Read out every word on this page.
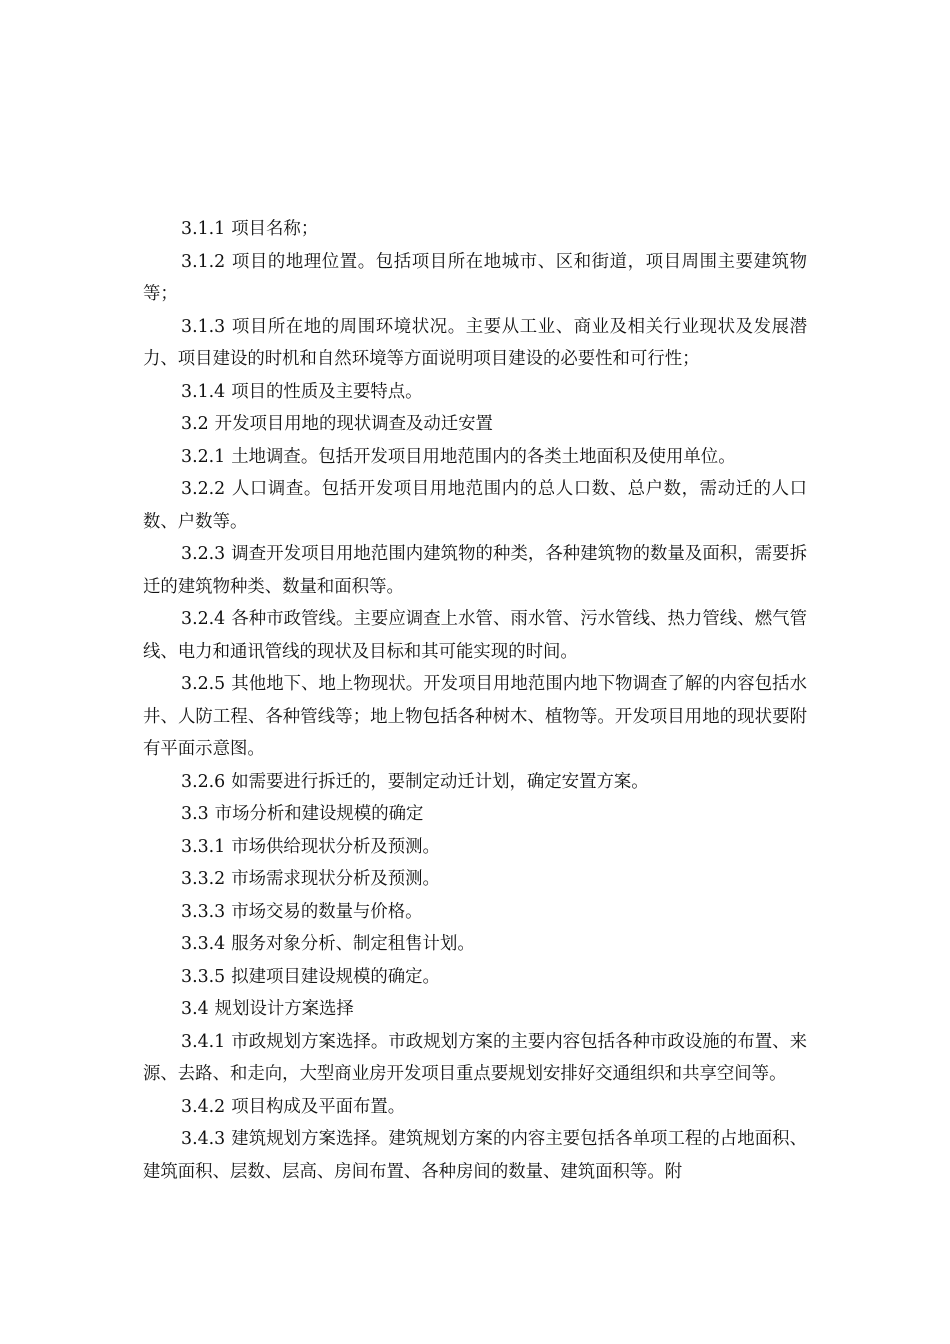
3.1.1 项目名称；

3.1.2 项目的地理位置。包括项目所在地城市、区和街道，项目周围主要建筑物等；

3.1.3 项目所在地的周围环境状况。主要从工业、商业及相关行业现状及发展潜力、项目建设的时机和自然环境等方面说明项目建设的必要性和可行性；

3.1.4 项目的性质及主要特点。

3.2 开发项目用地的现状调查及动迁安置

3.2.1 土地调查。包括开发项目用地范围内的各类土地面积及使用单位。

3.2.2 人口调查。包括开发项目用地范围内的总人口数、总户数，需动迁的人口数、户数等。

3.2.3 调查开发项目用地范围内建筑物的种类，各种建筑物的数量及面积，需要拆迁的建筑物种类、数量和面积等。

3.2.4 各种市政管线。主要应调查上水管、雨水管、污水管线、热力管线、燃气管线、电力和通讯管线的现状及目标和其可能实现的时间。

3.2.5 其他地下、地上物现状。开发项目用地范围内地下物调查了解的内容包括水井、人防工程、各种管线等；地上物包括各种树木、植物等。开发项目用地的现状要附有平面示意图。

3.2.6 如需要进行拆迁的，要制定动迁计划，确定安置方案。

3.3 市场分析和建设规模的确定

3.3.1 市场供给现状分析及预测。

3.3.2 市场需求现状分析及预测。

3.3.3 市场交易的数量与价格。

3.3.4 服务对象分析、制定租售计划。

3.3.5 拟建项目建设规模的确定。

3.4 规划设计方案选择

3.4.1 市政规划方案选择。市政规划方案的主要内容包括各种市政设施的布置、来源、去路、和走向，大型商业房开发项目重点要规划安排好交通组织和共享空间等。

3.4.2 项目构成及平面布置。

3.4.3 建筑规划方案选择。建筑规划方案的内容主要包括各单项工程的占地面积、建筑面积、层数、层高、房间布置、各种房间的数量、建筑面积等。附
